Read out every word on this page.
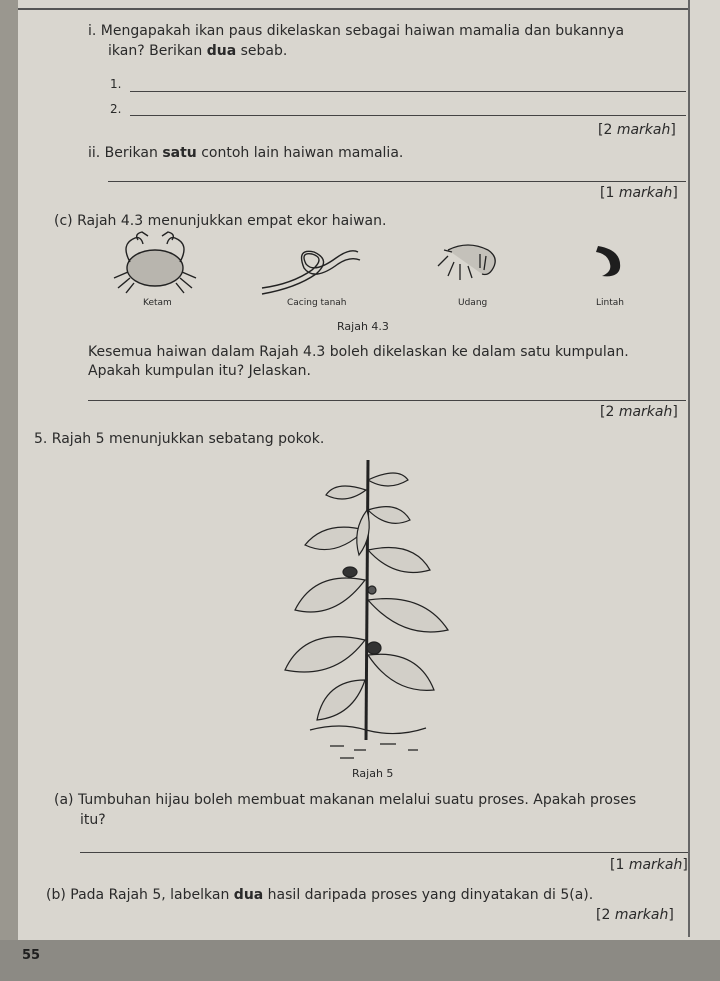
i. Mengapakah ikan paus dikelaskan sebagai haiwan mamalia dan bukannya
ikan? Berikan dua sebab.
1.
2.
[2 markah]
ii. Berikan satu contoh lain haiwan mamalia.
[1 markah]
(c) Rajah 4.3 menunjukkan empat ekor haiwan.
Ketam	Cacing tanah	Udang	Lintah
Rajah 4.3
Kesemua haiwan dalam Rajah 4.3 boleh dikelaskan ke dalam satu kumpulan.
Apakah kumpulan itu? Jelaskan.
[2 markah]
5. Rajah 5 menunjukkan sebatang pokok.
Rajah 5
(a) Tumbuhan hijau boleh membuat makanan melalui suatu proses. Apakah proses
itu?
[1 markah]
(b) Pada Rajah 5, labelkan dua hasil daripada proses yang dinyatakan di 5(a).
[2 markah]
55
